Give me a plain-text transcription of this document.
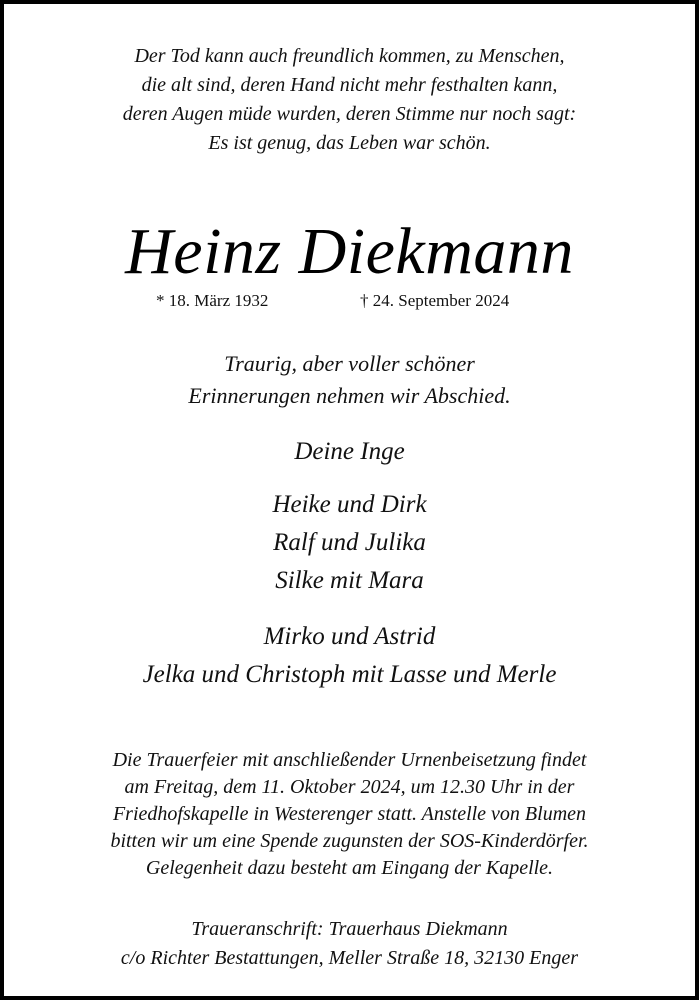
Der Tod kann auch freundlich kommen, zu Menschen,
die alt sind, deren Hand nicht mehr festhalten kann,
deren Augen müde wurden, deren Stimme nur noch sagt:
Es ist genug, das Leben war schön.
Heinz Diekmann
* 18. März 1932	† 24. September 2024
Traurig, aber voller schöner
Erinnerungen nehmen wir Abschied.
Deine Inge
Heike und Dirk
Ralf und Julika
Silke mit Mara
Mirko und Astrid
Jelka und Christoph mit Lasse und Merle
Die Trauerfeier mit anschließender Urnenbeisetzung findet
am Freitag, dem 11. Oktober 2024, um 12.30 Uhr in der
Friedhofskapelle in Westerenger statt. Anstelle von Blumen
bitten wir um eine Spende zugunsten der SOS-Kinderdörfer.
Gelegenheit dazu besteht am Eingang der Kapelle.
Traueranschrift: Trauerhaus Diekmann
c/o Richter Bestattungen, Meller Straße 18, 32130 Enger
